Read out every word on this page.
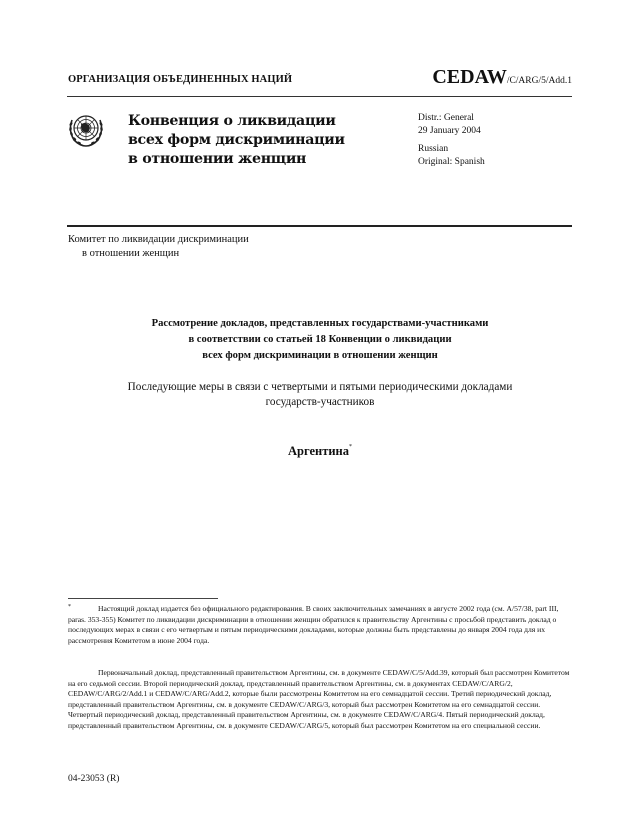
ОРГАНИЗАЦИЯ ОБЪЕДИНЕННЫХ НАЦИЙ	CEDAW/C/ARG/5/Add.1
Конвенция о ликвидации
всех форм дискриминации
в отношении женщин
Distr.: General
29 January 2004
Russian
Original: Spanish
Комитет по ликвидации дискриминации
в отношении женщин
Рассмотрение докладов, представленных государствами-участниками
в соответствии со статьей 18 Конвенции о ликвидации
всех форм дискриминации в отношении женщин
Последующие меры в связи с четвертыми и пятыми периодическими докладами
государств-участников
Аргентина*
*	Настоящий доклад издается без официального редактирования. В своих заключительных замечаниях в августе 2002 года (см. A/57/38, part III, paras. 353-355) Комитет по ликвидации дискриминации в отношении женщин обратился к правительству Аргентины с просьбой представить доклад о последующих мерах в связи с его четвертым и пятым периодическими докладами, которые должны быть представлены до января 2004 года для их рассмотрения Комитетом в июне 2004 года.
Первоначальный доклад, представленный правительством Аргентины, см. в документе CEDAW/C/5/Add.39, который был рассмотрен Комитетом на его седьмой сессии. Второй периодический доклад, представленный правительством Аргентины, см. в документах CEDAW/C/ARG/2, CEDAW/C/ARG/2/Add.1 и CEDAW/C/ARG/Add.2, которые были рассмотрены Комитетом на его семнадцатой сессии. Третий периодический доклад, представленный правительством Аргентины, см. в документе CEDAW/C/ARG/3, который был рассмотрен Комитетом на его семнадцатой сессии. Четвертый периодический доклад, представленный правительством Аргентины, см. в документе CEDAW/C/ARG/4. Пятый периодический доклад, представленный правительством Аргентины, см. в документе CEDAW/C/ARG/5, который был рассмотрен Комитетом на его специальной сессии.
04-23053 (R)
